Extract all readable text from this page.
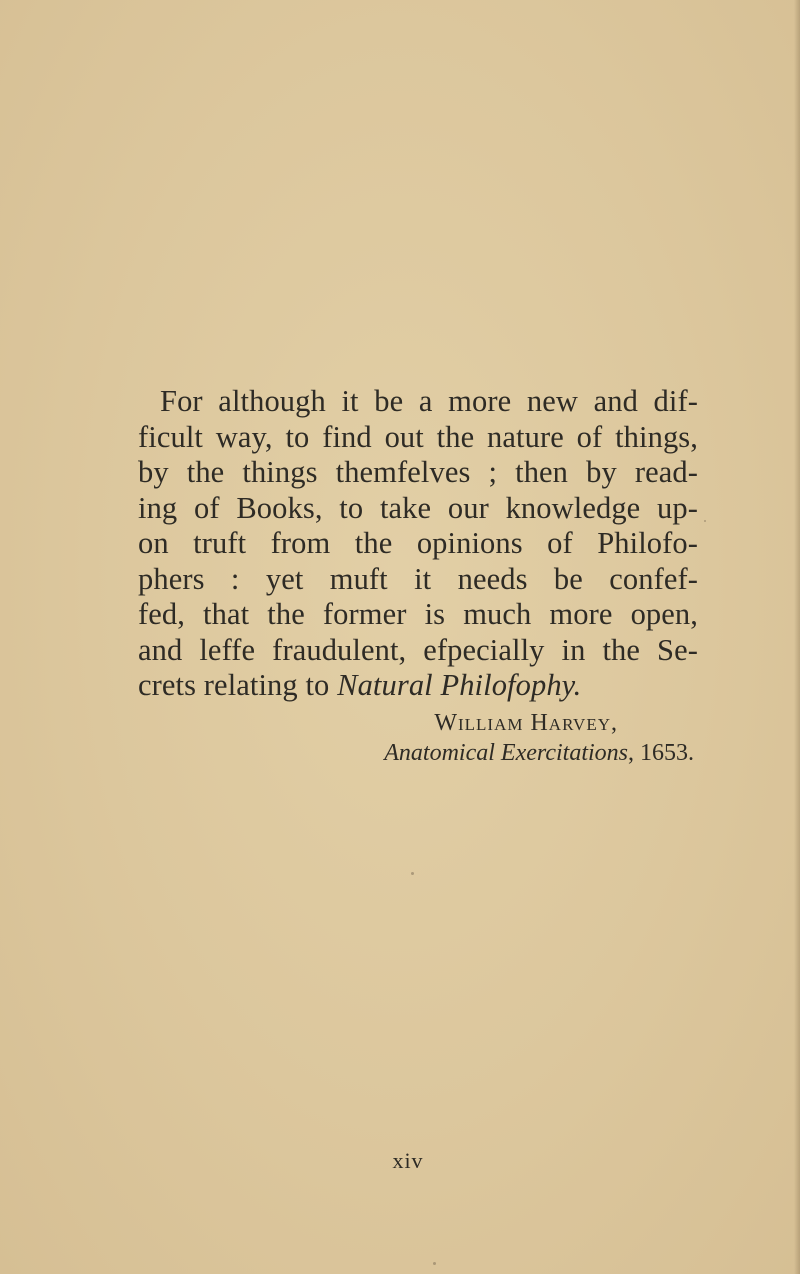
For although it be a more new and dif-
ficult way, to find out the nature of things,
by the things themfelves ; then by read-
ing of Books, to take our knowledge up-
on truft from the opinions of Philofo-
phers : yet muft it needs be confef-
fed, that the former is much more open,
and leffe fraudulent, efpecially in the Se-
crets relating to Natural Philofophy.

William Harvey,
Anatomical Exercitations, 1653.
xiv
